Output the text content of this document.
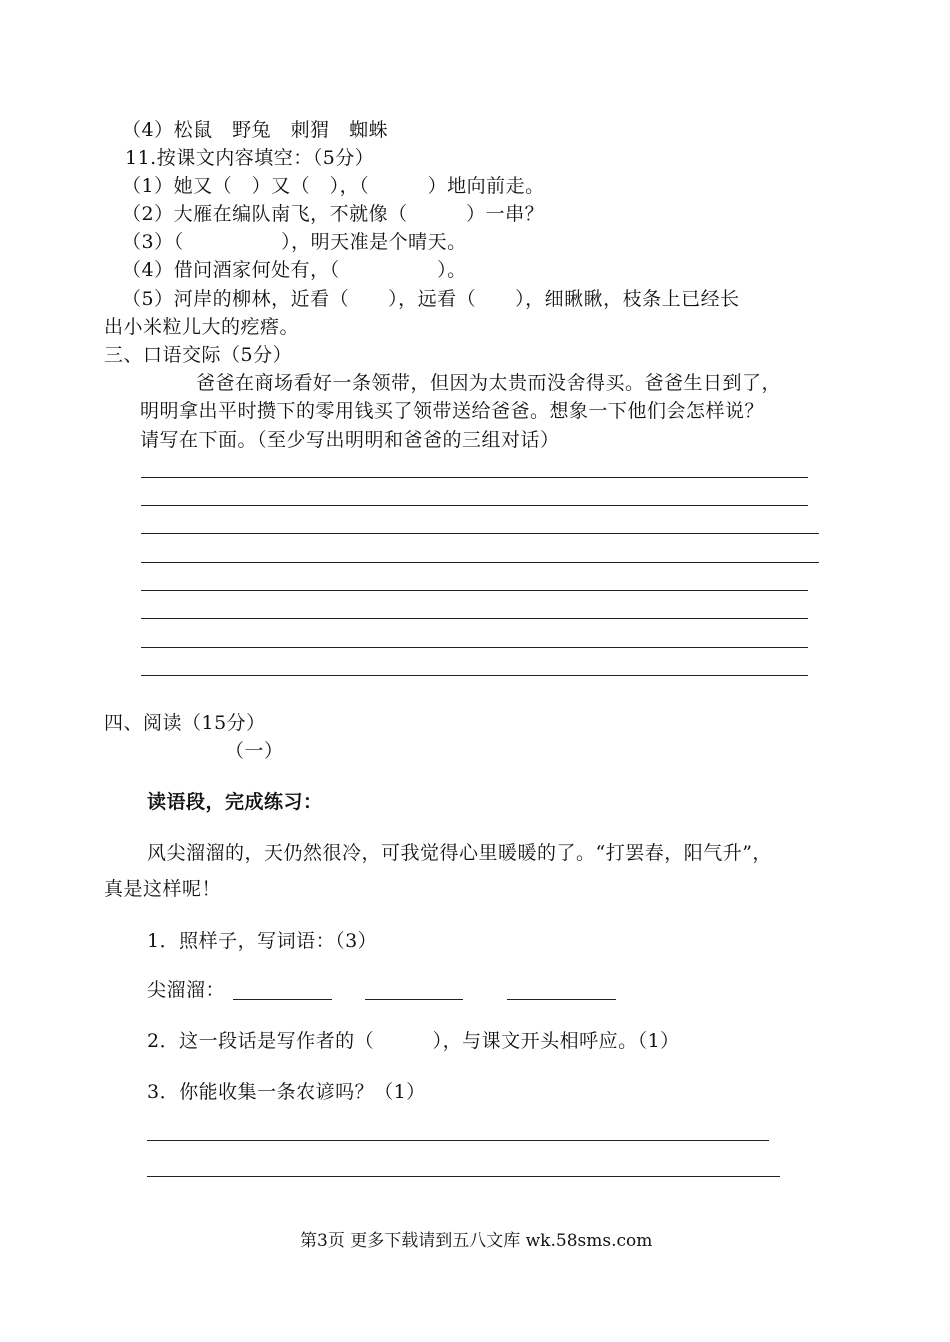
（4）松鼠　野兔　刺猬　蜘蛛
11.按课文内容填空：（5分）
（1）她又（　）又（　），（　　　）地向前走。
（2）大雁在编队南飞，不就像（　　　）一串？
（3）（　　　　　），明天准是个晴天。
（4）借问酒家何处有，（　　　　　）。
（5）河岸的柳林，近看（　　），远看（　　），细瞅瞅，枝条上已经长
出小米粒儿大的疙瘩。
三、口语交际（5分）
爸爸在商场看好一条领带，但因为太贵而没舍得买。爸爸生日到了，
明明拿出平时攒下的零用钱买了领带送给爸爸。想象一下他们会怎样说？
请写在下面。（至少写出明明和爸爸的三组对话）
四、阅读（15分）
（一）
读语段，完成练习：
风尖溜溜的，天仍然很冷，可我觉得心里暖暖的了。“打罢春，阳气升”，
真是这样呢！
1．照样子，写词语：（3）
尖溜溜：
2．这一段话是写作者的（　　　），与课文开头相呼应。（1）
3．你能收集一条农谚吗？（1）
第3页 更多下载请到五八文库 wk.58sms.com
